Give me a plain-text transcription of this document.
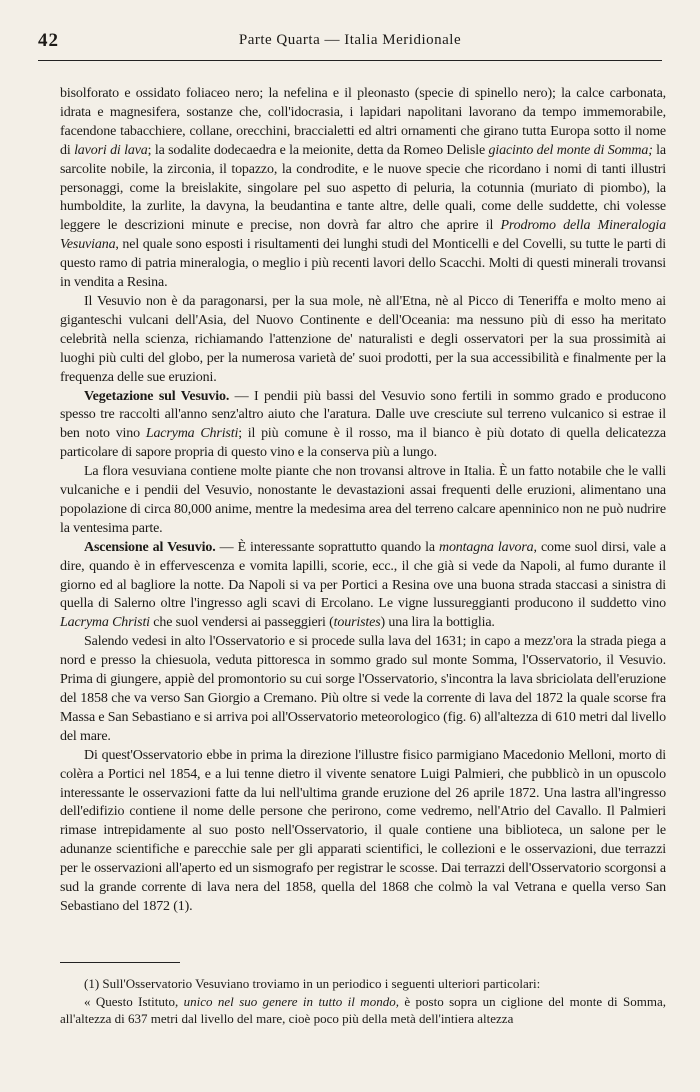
42	Parte Quarta — Italia Meridionale

bisolforato e ossidato foliaceo nero; la nefelina e il pleonasto (specie di spinello nero); la calce carbonata, idrata e magnesifera, sostanze che, coll'idocrasia, i lapidari napolitani lavorano da tempo immemorabile, facendone tabacchiere, collane, orecchini, braccialetti ed altri ornamenti che girano tutta Europa sotto il nome di lavori di lava; la sodalite dodecaedra e la meionite, detta da Romeo Delisle giacinto del monte di Somma; la sarcolite nobile, la zirconia, il topazzo, la condrodite, e le nuove specie che ricordano i nomi di tanti illustri personaggi, come la breislakite, singolare pel suo aspetto di peluria, la cotunnia (muriato di piombo), la humboldite, la zurlite, la davyna, la beudantina e tante altre, delle quali, come delle suddette, chi volesse leggere le descrizioni minute e precise, non dovrà far altro che aprire il Prodromo della Mineralogia Vesuviana, nel quale sono esposti i risultamenti dei lunghi studi del Monticelli e del Covelli, su tutte le parti di questo ramo di patria mineralogia, o meglio i più recenti lavori dello Scacchi. Molti di questi minerali trovansi in vendita a Resina.

Il Vesuvio non è da paragonarsi, per la sua mole, nè all'Etna, nè al Picco di Teneriffa e molto meno ai giganteschi vulcani dell'Asia, del Nuovo Continente e dell'Oceania: ma nessuno più di esso ha meritato celebrità nella scienza, richiamando l'attenzione de' naturalisti e degli osservatori per la sua prossimità ai luoghi più culti del globo, per la numerosa varietà de' suoi prodotti, per la sua accessibilità e finalmente per la frequenza delle sue eruzioni.

Vegetazione sul Vesuvio. — I pendii più bassi del Vesuvio sono fertili in sommo grado e producono spesso tre raccolti all'anno senz'altro aiuto che l'aratura. Dalle uve cresciute sul terreno vulcanico si estrae il ben noto vino Lacryma Christi; il più comune è il rosso, ma il bianco è più dotato di quella delicatezza particolare di sapore propria di questo vino e la conserva più a lungo.

La flora vesuviana contiene molte piante che non trovansi altrove in Italia. È un fatto notabile che le valli vulcaniche e i pendii del Vesuvio, nonostante le devastazioni assai frequenti delle eruzioni, alimentano una popolazione di circa 80,000 anime, mentre la medesima area del terreno calcare apenninico non ne può nudrire la ventesima parte.

Ascensione al Vesuvio. — È interessante soprattutto quando la montagna lavora, come suol dirsi, vale a dire, quando è in effervescenza e vomita lapilli, scorie, ecc., il che già si vede da Napoli, al fumo durante il giorno ed al bagliore la notte. Da Napoli si va per Portici a Resina ove una buona strada staccasi a sinistra di quella di Salerno oltre l'ingresso agli scavi di Ercolano. Le vigne lussureggianti producono il suddetto vino Lacryma Christi che suol vendersi ai passeggieri (touristes) una lira la bottiglia.

Salendo vedesi in alto l'Osservatorio e si procede sulla lava del 1631; in capo a mezz'ora la strada piega a nord e presso la chiesuola, veduta pittoresca in sommo grado sul monte Somma, l'Osservatorio, il Vesuvio. Prima di giungere, appiè del promontorio su cui sorge l'Osservatorio, s'incontra la lava sbriciolata dell'eruzione del 1858 che va verso San Giorgio a Cremano. Più oltre si vede la corrente di lava del 1872 la quale scorse fra Massa e San Sebastiano e si arriva poi all'Osservatorio meteorologico (fig. 6) all'altezza di 610 metri dal livello del mare.

Di quest'Osservatorio ebbe in prima la direzione l'illustre fisico parmigiano Macedonio Melloni, morto di colèra a Portici nel 1854, e a lui tenne dietro il vivente senatore Luigi Palmieri, che pubblicò in un opuscolo interessante le osservazioni fatte da lui nell'ultima grande eruzione del 26 aprile 1872. Una lastra all'ingresso dell'edifizio contiene il nome delle persone che perirono, come vedremo, nell'Atrio del Cavallo. Il Palmieri rimase intrepidamente al suo posto nell'Osservatorio, il quale contiene una biblioteca, un salone per le adunanze scientifiche e parecchie sale per gli apparati scientifici, le collezioni e le osservazioni, due terrazzi per le osservazioni all'aperto ed un sismografo per registrar le scosse. Dai terrazzi dell'Osservatorio scorgonsi a sud la grande corrente di lava nera del 1858, quella del 1868 che colmò la val Vetrana e quella verso San Sebastiano del 1872 (1).

(1) Sull'Osservatorio Vesuviano troviamo in un periodico i seguenti ulteriori particolari:

« Questo Istituto, unico nel suo genere in tutto il mondo, è posto sopra un ciglione del monte di Somma, all'altezza di 637 metri dal livello del mare, cioè poco più della metà dell'intiera altezza
